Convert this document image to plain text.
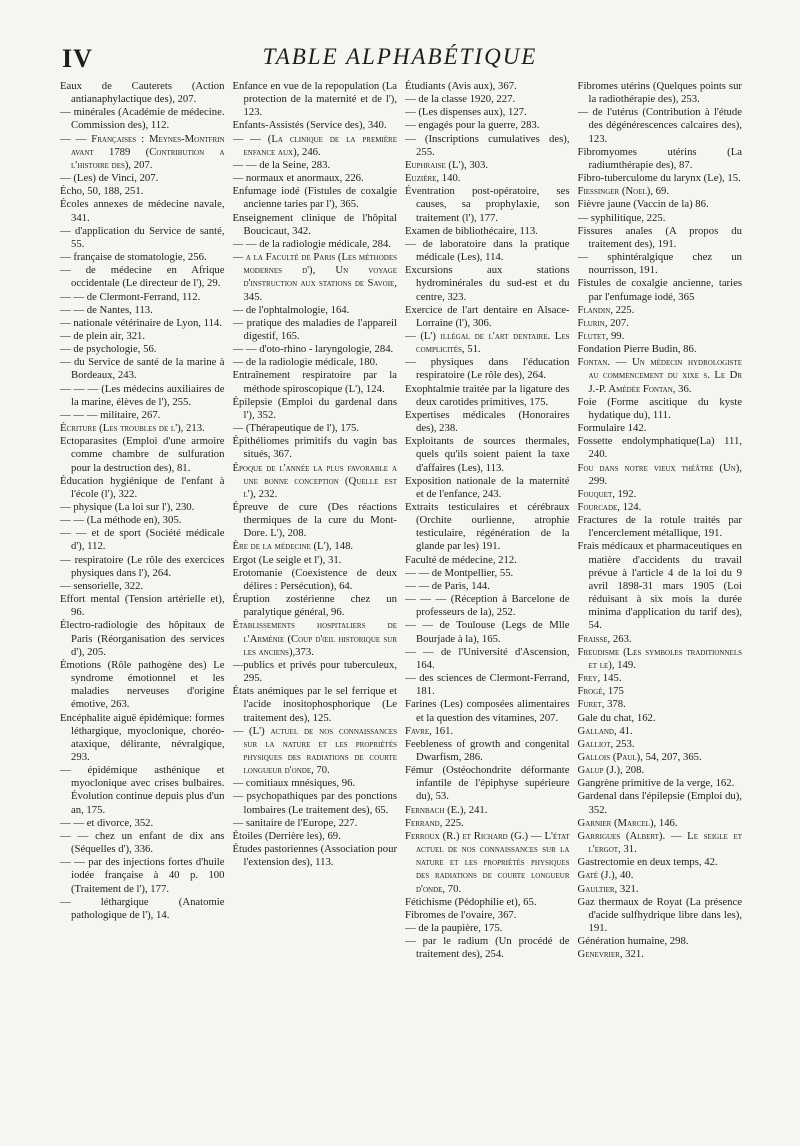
IV	TABLE ALPHABÉTIQUE

Eaux de Cauterets (Action antianaphylactique des), 207.

— minérales (Académie de médecine. Commission des), 112.

— — Françaises : Meynes-Montfrin avant 1789 (Contribution a l'histoire des), 207.

— (Les) de Vinci, 207.

Écho, 50, 188, 251.

Écoles annexes de médecine navale, 341.

— d'application du Service de santé, 55.

— française de stomatologie, 256.

— de médecine en Afrique occidentale (Le directeur de l'), 29.

— — de Clermont-Ferrand, 112.

— — de Nantes, 113.

— nationale vétérinaire de Lyon, 114.

— de plein air, 321.

— de psychologie, 56.

— du Service de santé de la marine à Bordeaux, 243.

— — — (Les médecins auxiliaires de la marine, élèves de l'), 255.

— — — militaire, 267.

Écriture (Les troubles de l'), 213.

Ectoparasites (Emploi d'une armoire comme chambre de sulfuration pour la destruction des), 81.

Éducation hygiénique de l'enfant à l'école (l'), 322.

— physique (La loi sur l'), 230.

— — (La méthode en), 305.

— — et de sport (Société médicale d'), 112.

— respiratoire (Le rôle des exercices physiques dans l'), 264.

— sensorielle, 322.

Effort mental (Tension artérielle et), 96.

Électro-radiologie des hôpitaux de Paris (Réorganisation des services d'), 205.

Émotions (Rôle pathogène des) Le syndrome émotionnel et les maladies nerveuses d'origine émotive, 263.

Encéphalite aiguë épidémique: formes léthargique, myoclonique, choréo-ataxique, délirante, névralgique, 293.

— épidémique asthénique et myoclonique avec crises bulbaires. Évolution continue depuis plus d'un an, 175.

— — et divorce, 352.

— — chez un enfant de dix ans (Séquelles d'), 336.

— — par des injections fortes d'huile iodée française à 40 p. 100 (Traitement de l'), 177.

— léthargique (Anatomie pathologique de l'), 14.

Enfance en vue de la repopulation (La protection de la maternité et de l'), 123.

Enfants-Assistés (Service des), 340.

— — (La clinique de la première enfance aux), 246.

— — de la Seine, 283.

— normaux et anormaux, 226.

Enfumage iodé (Fistules de coxalgie ancienne taries par l'), 365.

Enseignement clinique de l'hôpital Boucicaut, 342.

— — de la radiologie médicale, 284.

— a la Faculté de Paris (Les méthodes modernes d'), Un voyage d'instruction aux stations de Savoie, 345.

— de l'ophtalmologie, 164.

— pratique des maladies de l'appareil digestif, 165.

— — d'oto-rhino - laryngologie, 284.

— de la radiologie médicale, 180.

Entraînement respiratoire par la méthode spiroscopique (L'), 124.

Épilepsie (Emploi du gardenal dans l'), 352.

— (Thérapeutique de l'), 175.

Épithéliomes primitifs du vagin bas situés, 367.

Époque de l'année la plus favorable a une bonne conception (Quelle est l'), 232.

Épreuve de cure (Des réactions thermiques de la cure du Mont-Dore. L'), 208.

Ère de la médecine (L'), 148.

Ergot (Le seigle et l'), 31.

Erotomanie (Coexistence de deux délires : Persécution), 64.

Éruption zostérienne chez un paralytique général, 96.

Établissements hospitaliers de l'Arménie (Coup d'œil historique sur les anciens),373.

—publics et privés pour tuberculeux, 295.

États anémiques par le sel ferrique et l'acide inositophosphorique (Le traitement des), 125.

— (L') actuel de nos connaissances sur la nature et les propriétés physiques des radiations de courte longueur d'onde, 70.

— comitiaux mnésiques, 96.

— psychopathiques par des ponctions lombaires (Le traitement des), 65.

— sanitaire de l'Europe, 227.

Étoiles (Derrière les), 69.

Études pastoriennes (Association pour l'extension des), 113.

Étudiants (Avis aux), 367.

— de la classe 1920, 227.

— (Les dispenses aux), 127.

— engagés pour la guerre, 283.

— (Inscriptions cumulatives des), 255.

Euphraise (L'), 303.

Euzière, 140.

Éventration post-opératoire, ses causes, sa prophylaxie, son traitement (l'), 177.

Examen de bibliothécaire, 113.

— de laboratoire dans la pratique médicale (Les), 114.

Excursions aux stations hydrominérales du sud-est et du centre, 323.

Exercice de l'art dentaire en Alsace-Lorraine (l'), 306.

— (L') illégal de l'art dentaire. Les complicités, 51.

— physiques dans l'éducation respiratoire (Le rôle des), 264.

Exophtalmie traitée par la ligature des deux carotides primitives, 175.

Expertises médicales (Honoraires des), 238.

Exploitants de sources thermales, quels qu'ils soient paient la taxe d'affaires (Les), 113.

Exposition nationale de la maternité et de l'enfance, 243.

Extraits testiculaires et cérébraux (Orchite ourlienne, atrophie testiculaire, régénération de la glande par les) 191.

Faculté de médecine, 212.

— — de Montpellier, 55.

— — de Paris, 144.

— — — (Réception à Barcelone de professeurs de la), 252.

— — de Toulouse (Legs de Mlle Bourjade à la), 165.

— — de l'Université d'Ascension, 164.

— des sciences de Clermont-Ferrand, 181.

Farines (Les) composées alimentaires et la question des vitamines, 207.

Favre, 161.

Feebleness of growth and congenital Dwarfism, 286.

Fémur (Ostéochondrite déformante infantile de l'épiphyse supérieure du), 53.

Fernbach (E.), 241.

Ferrand, 225.

Ferroux (R.) et Richard (G.) — L'état actuel de nos connaissances sur la nature et les propriétés physiques des radiations de courte longueur d'onde, 70.

Fétichisme (Pédophilie et), 65.

Fibromes de l'ovaire, 367.

— de la paupière, 175.

— par le radium (Un procédé de traitement des), 254.

Fibromes utérins (Quelques points sur la radiothérapie des), 253.

— de l'utérus (Contribution à l'étude des dégénérescences calcaires des), 123.

Fibromyomes utérins (La radiumthérapie des), 87.

Fibro-tuberculome du larynx (Le), 15.

Fiessinger (Noel), 69.

Fièvre jaune (Vaccin de la) 86.

— syphilitique, 225.

Fissures anales (A propos du traitement des), 191.

— sphintéralgique chez un nourrisson, 191.

Fistules de coxalgie ancienne, taries par l'enfumage iodé, 365

Flandin, 225.

Flurin, 207.

Flutet, 99.

Fondation Pierre Budin, 86.

Fontan. — Un médecin hydrologiste au commencement du xixe s. Le Dr J.-P. Amédée Fontan, 36.

Foie (Forme ascitique du kyste hydatique du), 111.

Formulaire 142.

Fossette endolymphatique(La) 111, 240.

Fou dans notre vieux théâtre (Un), 299.

Fouquet, 192.

Fourcade, 124.

Fractures de la rotule traités par l'encerclement métallique, 191.

Frais médicaux et pharmaceutiques en matière d'accidents du travail prévue à l'article 4 de la loi du 9 avril 1898-31 mars 1905 (Loi réduisant à six mois la durée minima d'application du tarif des), 54.

Fraisse, 263.

Freudisme (Les symboles traditionnels et le), 149.

Frey, 145.

Frogé, 175

Furet, 378.

Gale du chat, 162.

Galland, 41.

Galliot, 253.

Gallois (Paul), 54, 207, 365.

Galup (J.), 208.

Gangrène primitive de la verge, 162.

Gardenal dans l'épilepsie (Emploi du), 352.

Garnier (Marcel), 146.

Garrigues (Albert). — Le seigle et l'ergot, 31.

Gastrectomie en deux temps, 42.

Gaté (J.), 40.

Gaultier, 321.

Gaz thermaux de Royat (La présence d'acide sulfhydrique libre dans les), 191.

Génération humaine, 298.

Genevrier, 321.
